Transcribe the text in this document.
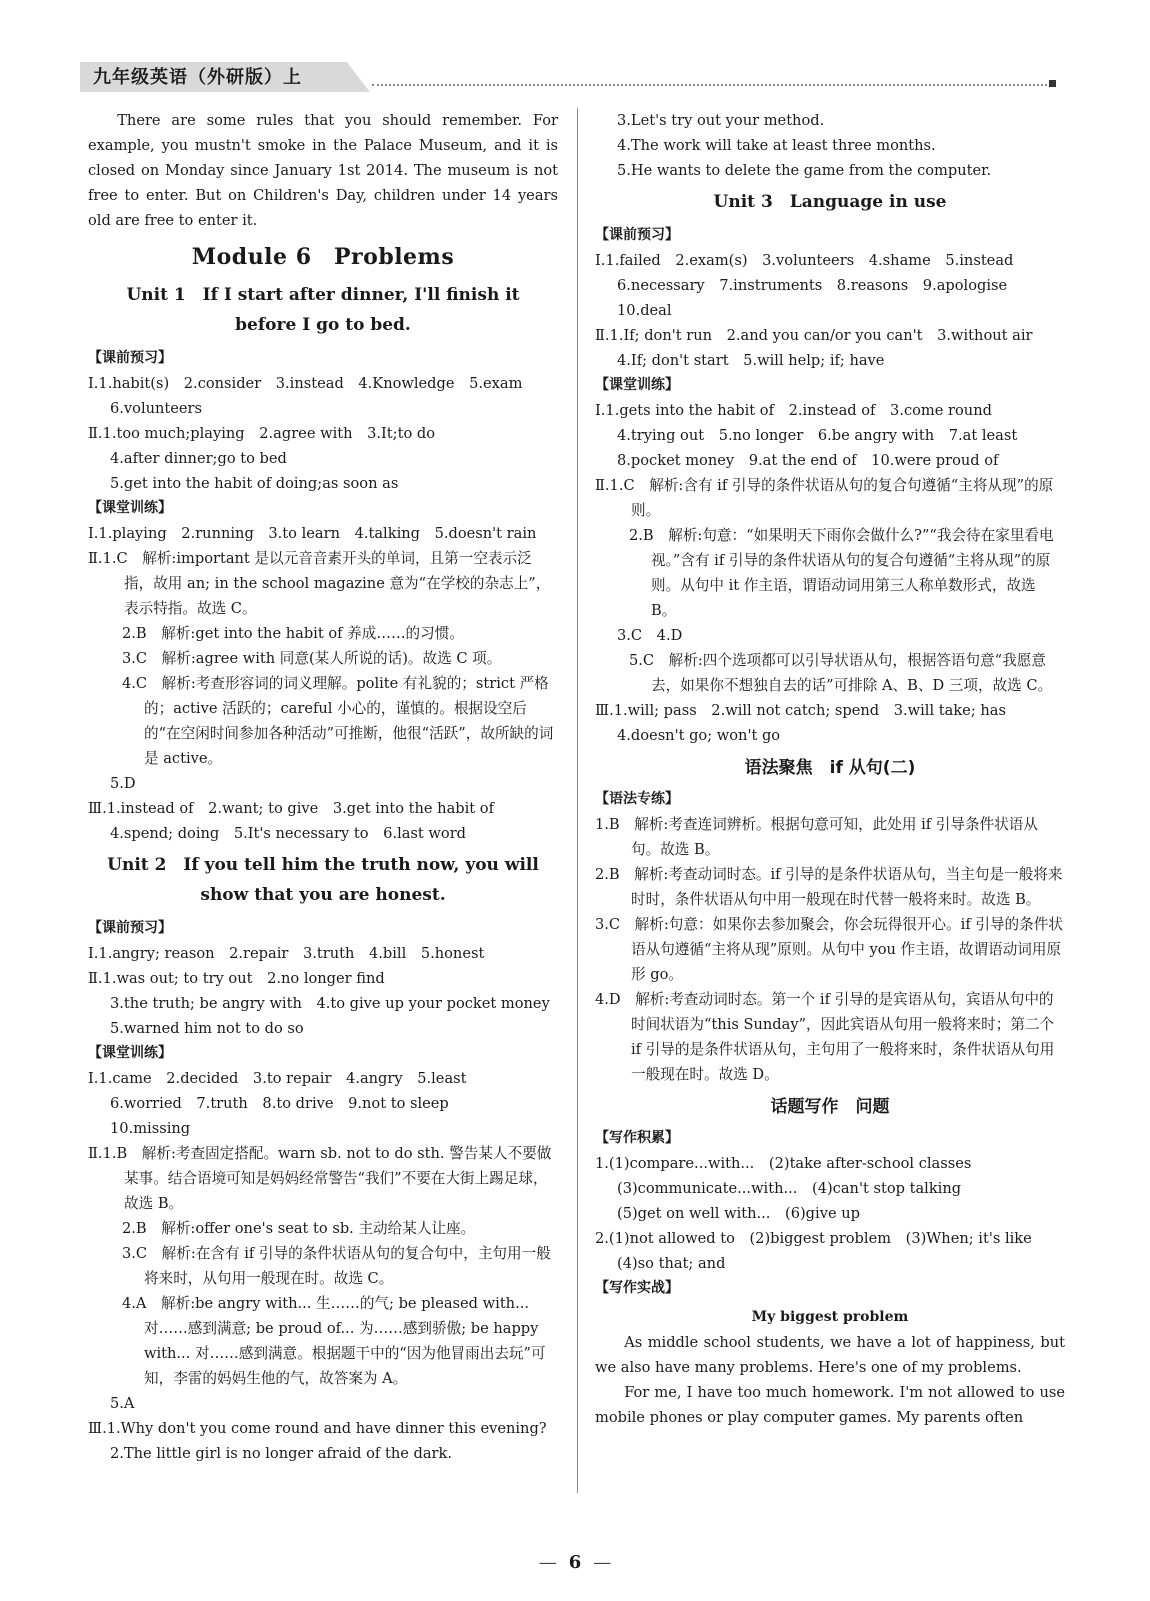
九年级英语（外研版）上

There are some rules that you should remember. For example, you mustn't smoke in the Palace Museum, and it is closed on Monday since January 1st 2014. The museum is not free to enter. But on Children's Day, children under 14 years old are free to enter it.

Module 6　Problems
Unit 1　If I start after dinner, I'll finish it
before I go to bed.

【课前预习】

Ⅰ.1.habit(s)　2.consider　3.instead　4.Knowledge　5.exam

6.volunteers

Ⅱ.1.too much;playing　2.agree with　3.It;to do

4.after dinner;go to bed

5.get into the habit of doing;as soon as

【课堂训练】

Ⅰ.1.playing　2.running　3.to learn　4.talking　5.doesn't rain

Ⅱ.1.C　解析:important 是以元音音素开头的单词，且第一空表示泛指，故用 an; in the school magazine 意为“在学校的杂志上”，表示特指。故选 C。

2.B　解析:get into the habit of 养成……的习惯。

3.C　解析:agree with 同意(某人所说的话)。故选 C 项。

4.C　解析:考查形容词的词义理解。polite 有礼貌的；strict 严格的；active 活跃的；careful 小心的，谨慎的。根据设空后的“在空闲时间参加各种活动”可推断，他很“活跃”，故所缺的词是 active。

5.D

Ⅲ.1.instead of　2.want; to give　3.get into the habit of

4.spend; doing　5.It's necessary to　6.last word

Unit 2　If you tell him the truth now, you will
show that you are honest.

【课前预习】

Ⅰ.1.angry; reason　2.repair　3.truth　4.bill　5.honest

Ⅱ.1.was out; to try out　2.no longer find

3.the truth; be angry with　4.to give up your pocket money

5.warned him not to do so

【课堂训练】

Ⅰ.1.came　2.decided　3.to repair　4.angry　5.least

6.worried　7.truth　8.to drive　9.not to sleep

10.missing

Ⅱ.1.B　解析:考查固定搭配。warn sb. not to do sth. 警告某人不要做某事。结合语境可知是妈妈经常警告“我们”不要在大街上踢足球，故选 B。

2.B　解析:offer one's seat to sb. 主动给某人让座。

3.C　解析:在含有 if 引导的条件状语从句的复合句中，主句用一般将来时，从句用一般现在时。故选 C。

4.A　解析:be angry with... 生……的气; be pleased with... 对……感到满意; be proud of... 为……感到骄傲; be happy with... 对……感到满意。根据题干中的“因为他冒雨出去玩”可知，李雷的妈妈生他的气，故答案为 A。

5.A

Ⅲ.1.Why don't you come round and have dinner this evening?

2.The little girl is no longer afraid of the dark.

3.Let's try out your method.

4.The work will take at least three months.

5.He wants to delete the game from the computer.

Unit 3　Language in use

【课前预习】

Ⅰ.1.failed　2.exam(s)　3.volunteers　4.shame　5.instead

6.necessary　7.instruments　8.reasons　9.apologise

10.deal

Ⅱ.1.If; don't run　2.and you can/or you can't　3.without air

4.If; don't start　5.will help; if; have

【课堂训练】

Ⅰ.1.gets into the habit of　2.instead of　3.come round

4.trying out　5.no longer　6.be angry with　7.at least

8.pocket money　9.at the end of　10.were proud of

Ⅱ.1.C　解析:含有 if 引导的条件状语从句的复合句遵循“主将从现”的原则。

2.B　解析:句意：“如果明天下雨你会做什么?”“我会待在家里看电视。”含有 if 引导的条件状语从句的复合句遵循“主将从现”的原则。从句中 it 作主语，谓语动词用第三人称单数形式，故选 B。

3.C　4.D

5.C　解析:四个选项都可以引导状语从句，根据答语句意“我愿意去，如果你不想独自去的话”可排除 A、B、D 三项，故选 C。

Ⅲ.1.will; pass　2.will not catch; spend　3.will take; has

4.doesn't go; won't go

语法聚焦　if 从句(二)

【语法专练】

1.B　解析:考查连词辨析。根据句意可知，此处用 if 引导条件状语从句。故选 B。

2.B　解析:考查动词时态。if 引导的是条件状语从句，当主句是一般将来时时，条件状语从句中用一般现在时代替一般将来时。故选 B。

3.C　解析:句意：如果你去参加聚会，你会玩得很开心。if 引导的条件状语从句遵循“主将从现”原则。从句中 you 作主语，故谓语动词用原形 go。

4.D　解析:考查动词时态。第一个 if 引导的是宾语从句，宾语从句中的时间状语为“this Sunday”，因此宾语从句用一般将来时；第二个 if 引导的是条件状语从句，主句用了一般将来时，条件状语从句用一般现在时。故选 D。

话题写作　问题

【写作积累】

1.(1)compare...with...　(2)take after-school classes

(3)communicate...with...　(4)can't stop talking

(5)get on well with...　(6)give up

2.(1)not allowed to　(2)biggest problem　(3)When; it's like

(4)so that; and

【写作实战】

My biggest problem

As middle school students, we have a lot of happiness, but we also have many problems. Here's one of my problems.

For me, I have too much homework. I'm not allowed to use mobile phones or play computer games. My parents often

— 6 —
